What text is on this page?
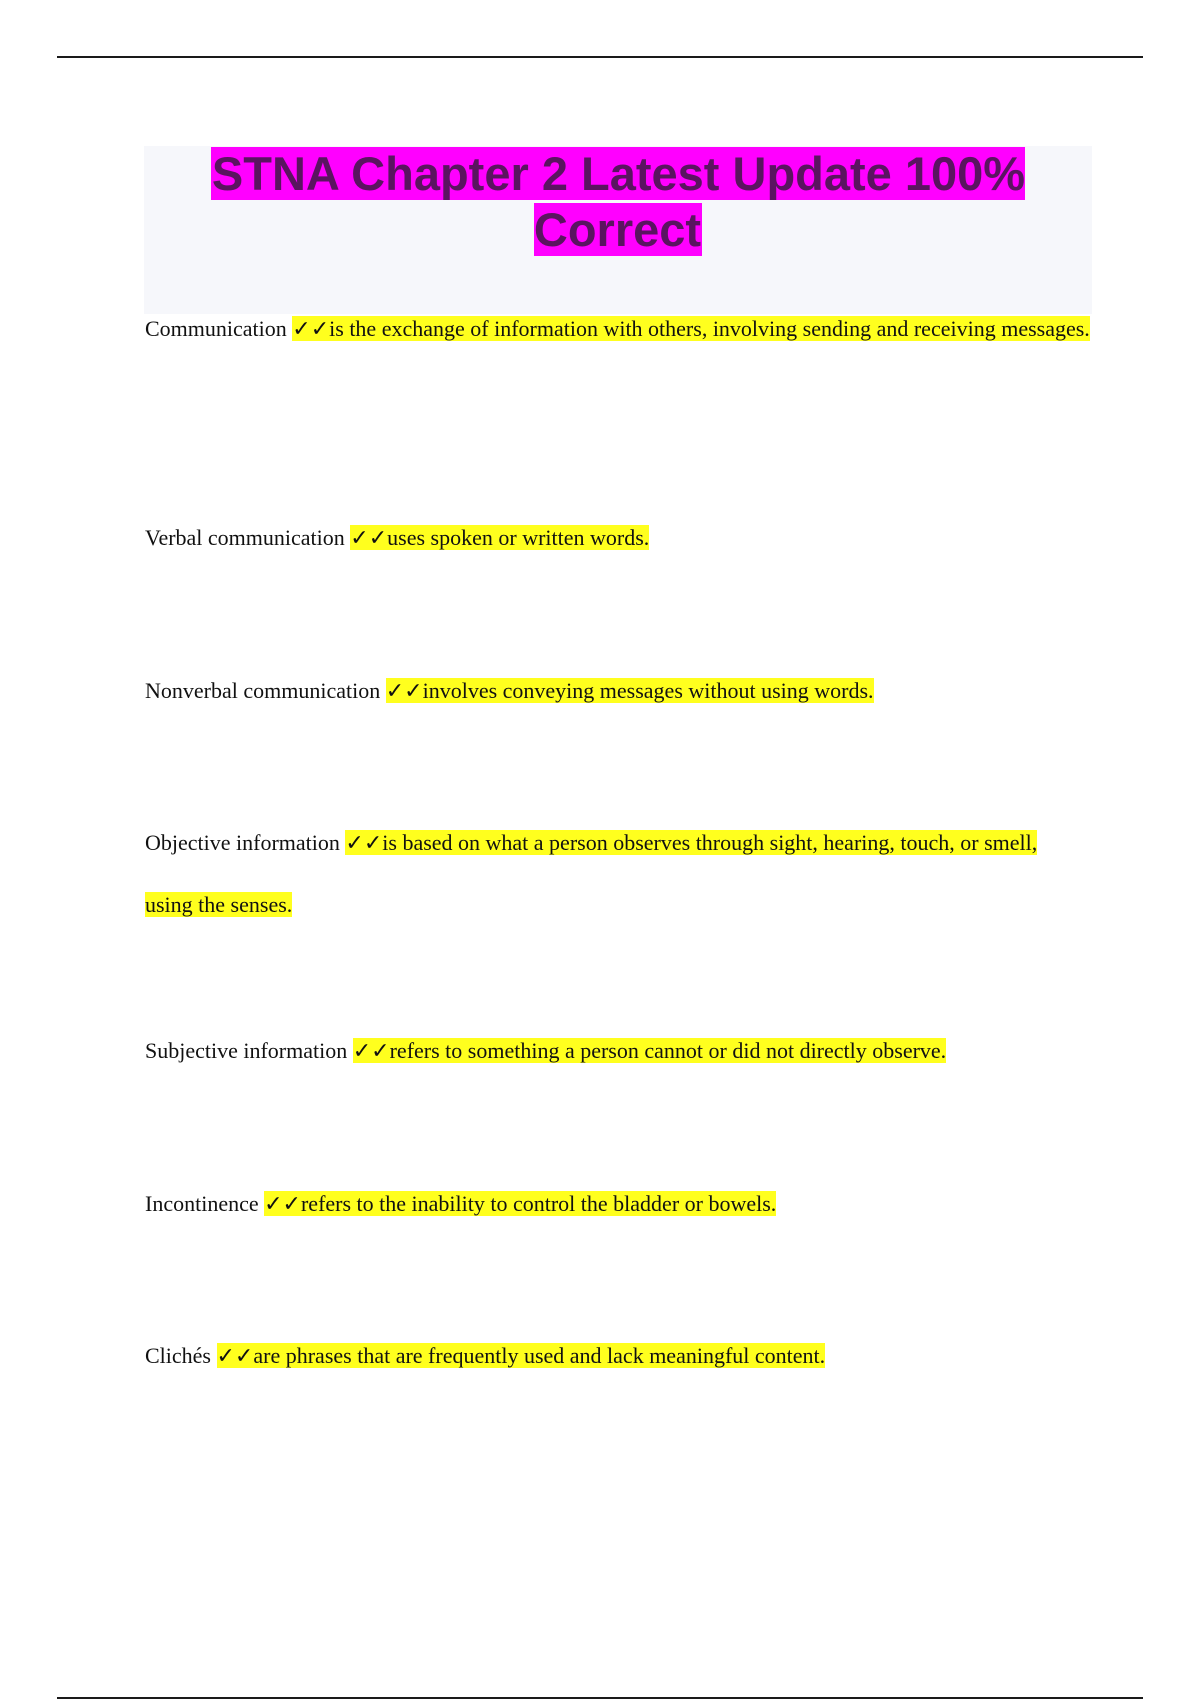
STNA Chapter 2 Latest Update 100% Correct

Communication ✓✓is the exchange of information with others, involving sending and receiving messages.

Verbal communication ✓✓uses spoken or written words.

Nonverbal communication ✓✓involves conveying messages without using words.

Objective information ✓✓is based on what a person observes through sight, hearing, touch, or smell, using the senses.

Subjective information ✓✓refers to something a person cannot or did not directly observe.

Incontinence ✓✓refers to the inability to control the bladder or bowels.

Clichés ✓✓are phrases that are frequently used and lack meaningful content.
